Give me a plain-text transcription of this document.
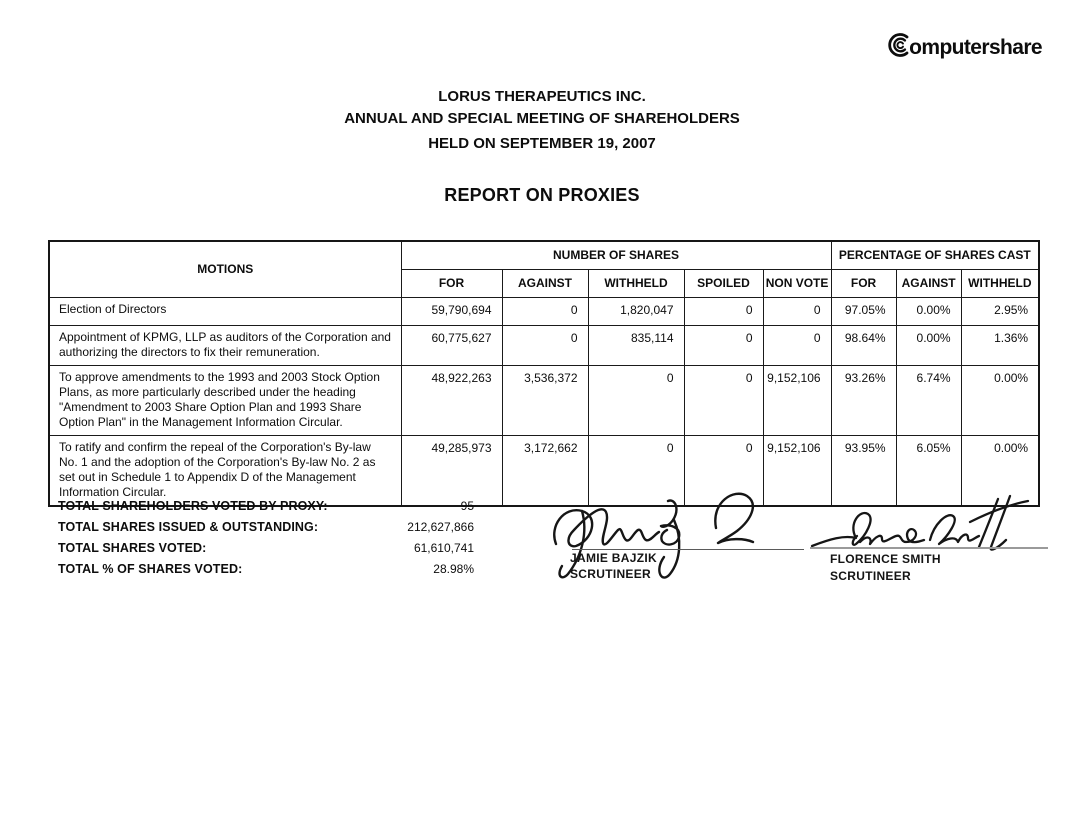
omputershare
LORUS THERAPEUTICS INC.
ANNUAL AND SPECIAL MEETING OF SHAREHOLDERS
HELD ON SEPTEMBER 19, 2007
REPORT ON PROXIES
MOTIONS	NUMBER OF SHARES					PERCENTAGE OF SHARES CAST		
	FOR	AGAINST	WITHHELD	SPOILED	NON VOTE	FOR	AGAINST	WITHHELD
Election of Directors	59,790,694	0	1,820,047	0	0	97.05%	0.00%	2.95%
Appointment of KPMG, LLP as auditors of the Corporation and authorizing the directors to fix their remuneration.	60,775,627	0	835,114	0	0	98.64%	0.00%	1.36%
To approve amendments to the 1993 and 2003 Stock Option Plans, as more particularly described under the heading "Amendment to 2003 Share Option Plan and 1993 Share Option Plan" in the Management Information Circular.	48,922,263	3,536,372	0	0	9,152,106	93.26%	6.74%	0.00%
To ratify and confirm the repeal of the Corporation's By-law No. 1 and the adoption of the Corporation's By-law No. 2 as set out in Schedule 1 to Appendix D of the Management Information Circular.	49,285,973	3,172,662	0	0	9,152,106	93.95%	6.05%	0.00%
TOTAL SHAREHOLDERS VOTED BY PROXY:	95
TOTAL SHARES ISSUED & OUTSTANDING:	212,627,866
TOTAL SHARES VOTED:	61,610,741
TOTAL % OF SHARES VOTED:	28.98%
JAMIE BAJZIK
SCRUTINEER
FLORENCE SMITH
SCRUTINEER
